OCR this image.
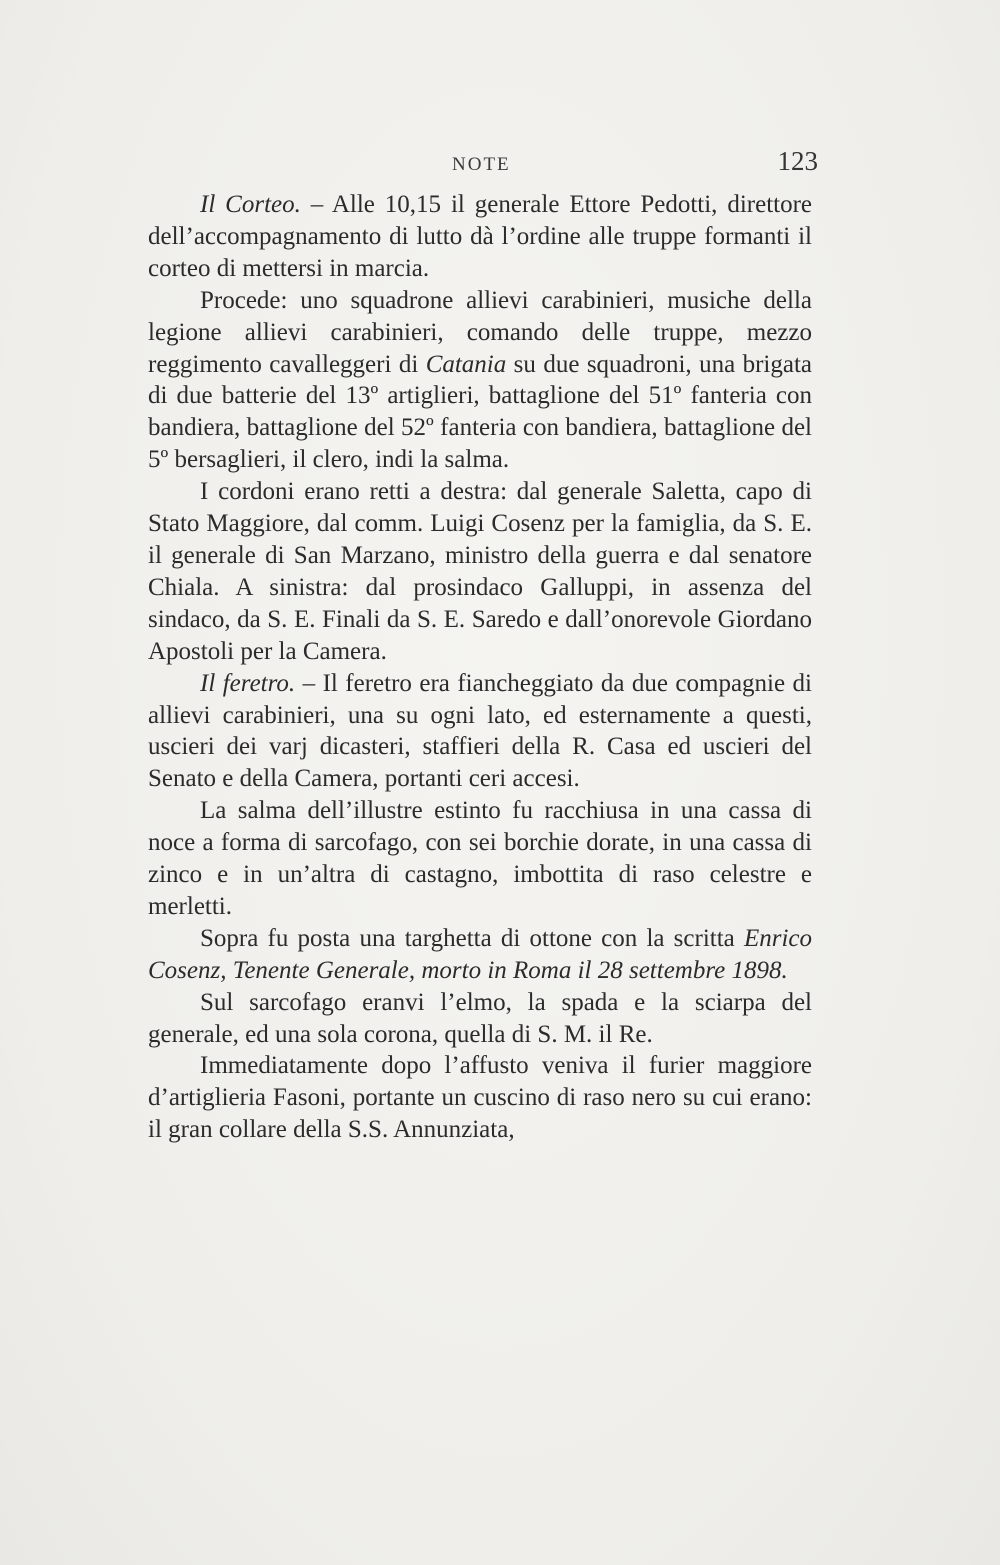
NOTE	123

Il Corteo. – Alle 10,15 il generale Ettore Pedotti, direttore dell’accompagnamento di lutto dà l’ordine alle truppe formanti il corteo di mettersi in marcia.

Procede: uno squadrone allievi carabinieri, musiche della legione allievi carabinieri, comando delle truppe, mezzo reggimento cavalleggeri di Catania su due squadroni, una brigata di due batterie del 13º artiglieri, battaglione del 51º fanteria con bandiera, battaglione del 52º fanteria con bandiera, battaglione del 5º bersaglieri, il clero, indi la salma.

I cordoni erano retti a destra: dal generale Saletta, capo di Stato Maggiore, dal comm. Luigi Cosenz per la famiglia, da S. E. il generale di San Marzano, ministro della guerra e dal senatore Chiala. A sinistra: dal prosindaco Galluppi, in assenza del sindaco, da S. E. Finali da S. E. Saredo e dall’onorevole Giordano Apostoli per la Camera.

Il feretro. – Il feretro era fiancheggiato da due compagnie di allievi carabinieri, una su ogni lato, ed esternamente a questi, uscieri dei varj dicasteri, staffieri della R. Casa ed uscieri del Senato e della Camera, portanti ceri accesi.

La salma dell’illustre estinto fu racchiusa in una cassa di noce a forma di sarcofago, con sei borchie dorate, in una cassa di zinco e in un’altra di castagno, imbottita di raso celestre e merletti.

Sopra fu posta una targhetta di ottone con la scritta Enrico Cosenz, Tenente Generale, morto in Roma il 28 settembre 1898.

Sul sarcofago eranvi l’elmo, la spada e la sciarpa del generale, ed una sola corona, quella di S. M. il Re.

Immediatamente dopo l’affusto veniva il furier maggiore d’artiglieria Fasoni, portante un cuscino di raso nero su cui erano: il gran collare della S.S. Annunziata,
